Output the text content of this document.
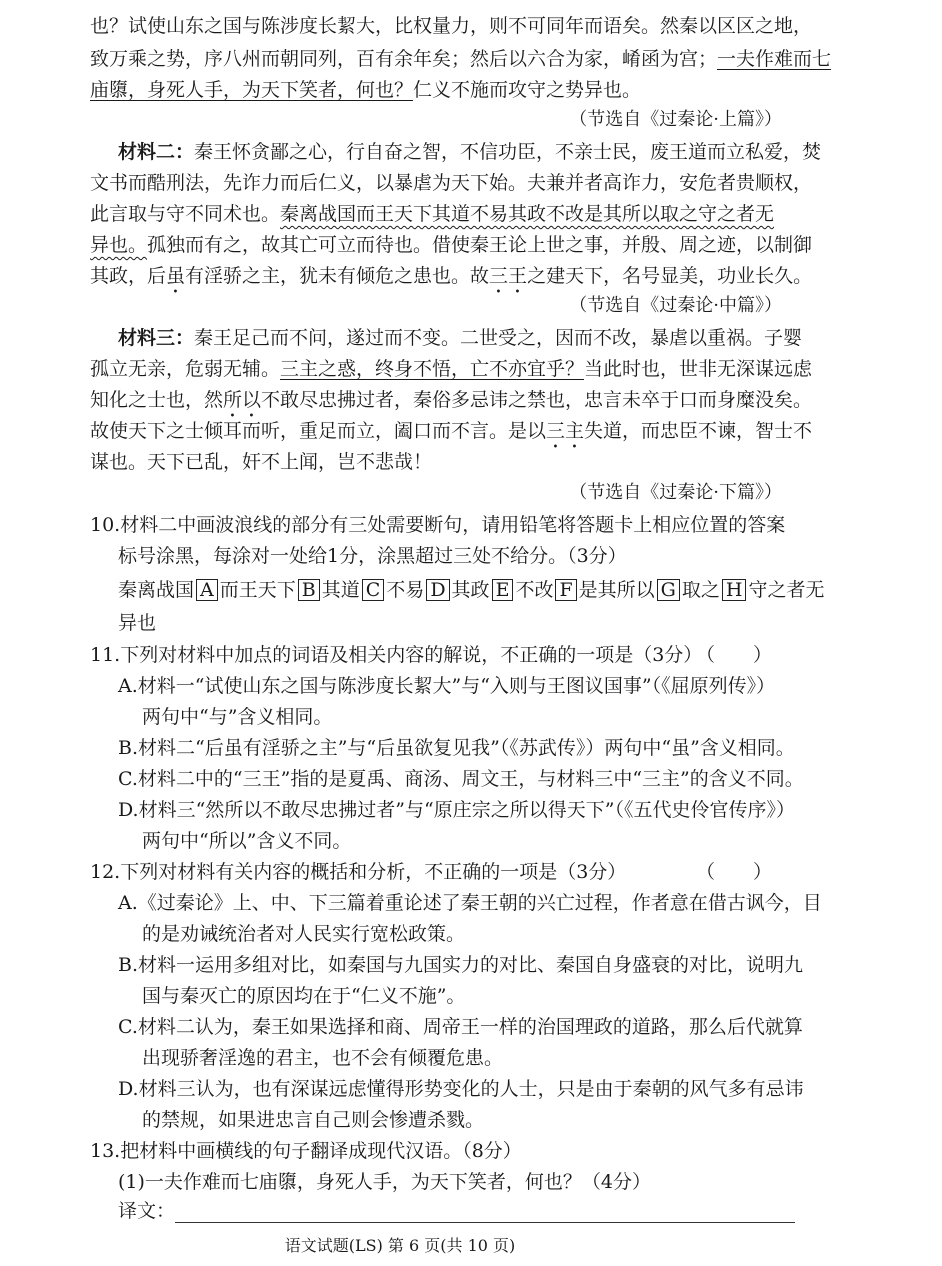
也？试使山东之国与陈涉度长絜大，比权量力，则不可同年而语矣。然秦以区区之地，
致万乘之势，序八州而朝同列，百有余年矣；然后以六合为家，崤函为宫；一夫作难而七
庙隳，身死人手，为天下笑者，何也？仁义不施而攻守之势异也。
（节选自《过秦论·上篇》）
材料二：秦王怀贪鄙之心，行自奋之智，不信功臣，不亲士民，废王道而立私爱，焚
文书而酷刑法，先诈力而后仁义，以暴虐为天下始。夫兼并者高诈力，安危者贵顺权，
此言取与守不同术也。秦离战国而王天下其道不易其政不改是其所以取之守之者无
异也。孤独而有之，故其亡可立而待也。借使秦王论上世之事，并殷、周之迹，以制御
其政，后虽有淫骄之主，犹未有倾危之患也。故三王之建天下，名号显美，功业长久。
（节选自《过秦论·中篇》）
材料三：秦王足己而不问，遂过而不变。二世受之，因而不改，暴虐以重祸。子婴
孤立无亲，危弱无辅。三主之惑，终身不悟，亡不亦宜乎？当此时也，世非无深谋远虑
知化之士也，然所以不敢尽忠拂过者，秦俗多忌讳之禁也，忠言未卒于口而身糜没矣。
故使天下之士倾耳而听，重足而立，阖口而不言。是以三主失道，而忠臣不谏，智士不
谋也。天下已乱，奸不上闻，岂不悲哉！
（节选自《过秦论·下篇》）
10.材料二中画波浪线的部分有三处需要断句，请用铅笔将答题卡上相应位置的答案
标号涂黑，每涂对一处给1分，涂黑超过三处不给分。（3分）
秦离战国 A 而王天下 B 其道 C 不易 D 其政 E 不改 F 是其所以 G 取之 H 守之者无
异也
11.下列对材料中加点的词语及相关内容的解说，不正确的一项是（3分）
（　　）
A.材料一“试使山东之国与陈涉度长絜大”与“入则与王图议国事”（《屈原列传》）
两句中“与”含义相同。
B.材料二“后虽有淫骄之主”与“后虽欲复见我”（《苏武传》）两句中“虽”含义相同。
C.材料二中的“三王”指的是夏禹、商汤、周文王，与材料三中“三主”的含义不同。
D.材料三“然所以不敢尽忠拂过者”与“原庄宗之所以得天下”（《五代史伶官传序》）
两句中“所以”含义不同。
12.下列对材料有关内容的概括和分析，不正确的一项是（3分）	（　　）
A.《过秦论》上、中、下三篇着重论述了秦王朝的兴亡过程，作者意在借古讽今，目
的是劝诫统治者对人民实行宽松政策。
B.材料一运用多组对比，如秦国与九国实力的对比、秦国自身盛衰的对比，说明九
国与秦灭亡的原因均在于“仁义不施”。
C.材料二认为，秦王如果选择和商、周帝王一样的治国理政的道路，那么后代就算
出现骄奢淫逸的君主，也不会有倾覆危患。
D.材料三认为，也有深谋远虑懂得形势变化的人士，只是由于秦朝的风气多有忌讳
的禁规，如果进忠言自己则会惨遭杀戮。
13.把材料中画横线的句子翻译成现代汉语。（8分）
(1)一夫作难而七庙隳，身死人手，为天下笑者，何也？（4分）
译文：
语文试题(LS) 第 6 页(共 10 页)
